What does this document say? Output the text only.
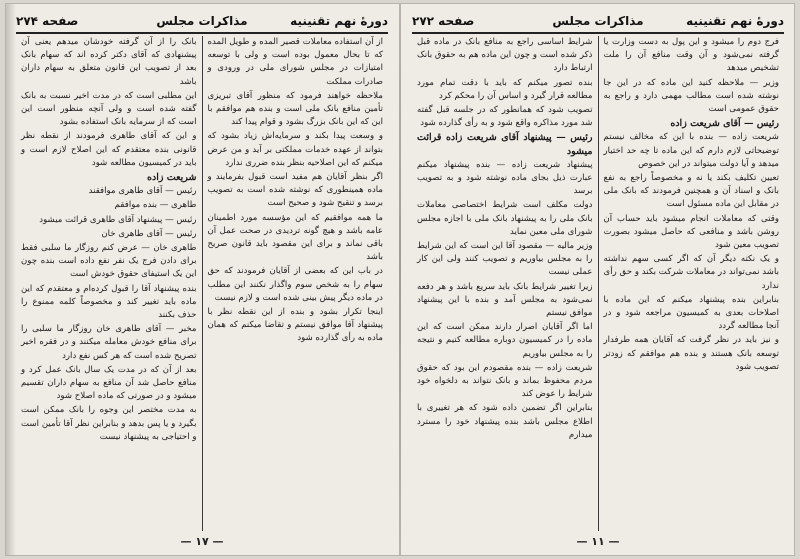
دورۀ نهم تقنینیه
مذاکرات مجلس
صفحه ۲۷۴

از آن استفاده معاملات قصیر المده و طویل المده که تا بحال معمول بوده است و ولی با توسعه امتیازات در مجلس شورای ملی در ورودی و صادرات مملکت

ملاحظه خواهند فرمود که منظور آقای تبریزی تأمین منافع بانک ملی است و بنده هم موافقم با این که این بانک بزرگ بشود و قوام پیدا کند

و وسعت پیدا بکند و سرمایه‌اش زیاد بشود که بتواند از عهده خدمات مملکتی بر آید و من عرض میکنم که این اصلاحیه بنظر بنده ضرری ندارد

اگر بنظر آقایان هم مفید است قبول بفرمایند و ماده همینطوری که نوشته شده است به تصویب برسد و تنقیح شود و صحیح است

ما همه موافقیم که این مؤسسه مورد اطمینان عامه باشد و هیچ گونه تردیدی در صحت عمل آن باقی نماند و برای این مقصود باید قانون صریح باشد

در باب این که بعضی از آقایان فرمودند که حق سهام را به شخص سوم واگذار نکنند این مطلب در ماده دیگر پیش بینی شده است و لازم نیست

اینجا تکرار بشود و بنده از این نقطه نظر با پیشنهاد آقا موافق نیستم و تقاضا میکنم که همان ماده به رأی گذارده شود

بانک را از آن گرفته خودشان میدهم یعنی آن پیشنهادی که آقای دکتر کرده اند که سهام بانک بعد از تصویب این قانون متعلق به سهام داران باشد

این مطلبی است که در مدت اخیر نسبت به بانک گفته شده است و ولی آنچه منظور است این است که از سرمایه بانک استفاده بشود

و این که آقای طاهری فرمودند از نقطه نظر قانونی بنده معتقدم که این اصلاح لازم است و باید در کمیسیون مطالعه شود

شریعت زاده

رئیس — آقای طاهری موافقند

طاهری — بنده موافقم

رئیس — پیشنهاد آقای طاهری قرائت میشود

رئیس — آقای طاهری خان

طاهری خان — عرض کنم روزگار ما سلبی فقط برای دادن فرج یک نفر نفع داده است بنده چون این یک استیفای حقوق خودش است

بنده پیشنهاد آقا را قبول کرده‌ام و معتقدم که این ماده باید تغییر کند و مخصوصاً کلمه ممنوع را حذف بکنند

مخبر — آقای طاهری خان روزگار ما سلبی را برای منافع خودش معامله میکنند و در فقره اخیر تصریح شده است که هر کس نفع دارد

بعد از آن که در مدت یک سال بانک عمل کرد و منافع حاصل شد آن منافع به سهام داران تقسیم میشود و در صورتی که ماده اصلاح شود

به مدت مختصر این وجوه را بانک ممکن است بگیرد و یا پس بدهد و بنابراین نظر آقا تأمین است و احتیاجی به پیشنهاد نیست

— ۱۷ —
دورۀ نهم تقنینیه
مذاکرات مجلس
صفحه ۲۷۲

فرج دوم را میشود و این پول به دست وزارت یا گرفته نمی‌شود و آن وقت منافع آن را ملت تشخیص میدهد

وزیر — ملاحظه کنید این ماده که در این جا نوشته شده است مطالب مهمی دارد و راجع به حقوق عمومی است

رئیس — آقای شریعت زاده

شریعت زاده — بنده با این که مخالف نیستم توضیحاتی لازم دارم که این ماده تا چه حد اختیار میدهد و آیا دولت میتواند در این خصوص

تعیین تکلیف بکند یا نه و مخصوصاً راجع به نفع بانک و اسناد آن و همچنین فرمودند که بانک ملی در مقابل این ماده مسئول است

وقتی که معاملات انجام میشود باید حساب آن روشن باشد و منافعی که حاصل میشود بصورت تصویب معین شود

و یک نکته دیگر آن که اگر کسی سهم نداشته باشد نمی‌تواند در معاملات شرکت بکند و حق رأی ندارد

بنابراین بنده پیشنهاد میکنم که این ماده با اصلاحات بعدی به کمیسیون مراجعه شود و در آنجا مطالعه گردد

و نیز باید در نظر گرفت که آقایان همه طرفدار توسعه بانک هستند و بنده هم موافقم که زودتر تصویب شود

شرایط اساسی راجع به منافع بانک در ماده قبل ذکر شده است و چون این ماده هم به حقوق بانک ارتباط دارد

بنده تصور میکنم که باید با دقت تمام مورد مطالعه قرار گیرد و اساس آن را محکم کرد

تصویب شود که همانطور که در جلسه قبل گفته شد مورد مذاکره واقع شود و به رأی گذارده شود

رئیس — پیشنهاد آقای شریعت زاده قرائت میشود

پیشنهاد شریعت زاده — بنده پیشنهاد میکنم عبارت ذیل بجای ماده نوشته شود و به تصویب برسد

دولت مکلف است شرایط اختصاصی معاملات بانک ملی را به پیشنهاد بانک ملی با اجازه مجلس شورای ملی معین نماید

وزیر مالیه — مقصود آقا این است که این شرایط را به مجلس بیاوریم و تصویب کنند ولی این کار عملی نیست

زیرا تغییر شرایط بانک باید سریع باشد و هر دفعه نمی‌شود به مجلس آمد و بنده با این پیشنهاد موافق نیستم

اما اگر آقایان اصرار دارند ممکن است که این ماده را در کمیسیون دوباره مطالعه کنیم و نتیجه را به مجلس بیاوریم

شریعت زاده — بنده مقصودم این بود که حقوق مردم محفوظ بماند و بانک نتواند به دلخواه خود شرایط را عوض کند

بنابراین اگر تضمین داده شود که هر تغییری با اطلاع مجلس باشد بنده پیشنهاد خود را مسترد میدارم

— ۱۱ —
